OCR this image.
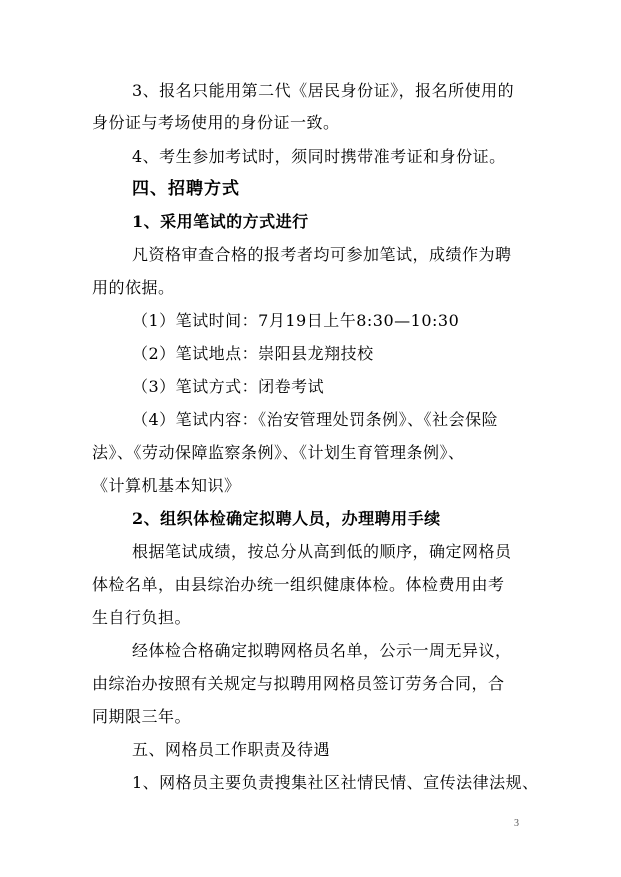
3、报名只能用第二代《居民身份证》，报名所使用的
身份证与考场使用的身份证一致。
4、考生参加考试时，须同时携带准考证和身份证。
四、招聘方式
1、采用笔试的方式进行
凡资格审查合格的报考者均可参加笔试，成绩作为聘
用的依据。
（1）笔试时间：7月19日上午8:30—10:30
（2）笔试地点：崇阳县龙翔技校
（3）笔试方式：闭卷考试
（4）笔试内容：《治安管理处罚条例》、《社会保险
法》、《劳动保障监察条例》、《计划生育管理条例》、
《计算机基本知识》
2、组织体检确定拟聘人员，办理聘用手续
根据笔试成绩，按总分从高到低的顺序，确定网格员
体检名单，由县综治办统一组织健康体检。体检费用由考
生自行负担。
经体检合格确定拟聘网格员名单，公示一周无异议，
由综治办按照有关规定与拟聘用网格员签订劳务合同，合
同期限三年。
五、网格员工作职责及待遇
1、网格员主要负责搜集社区社情民情、宣传法律法规、
3
